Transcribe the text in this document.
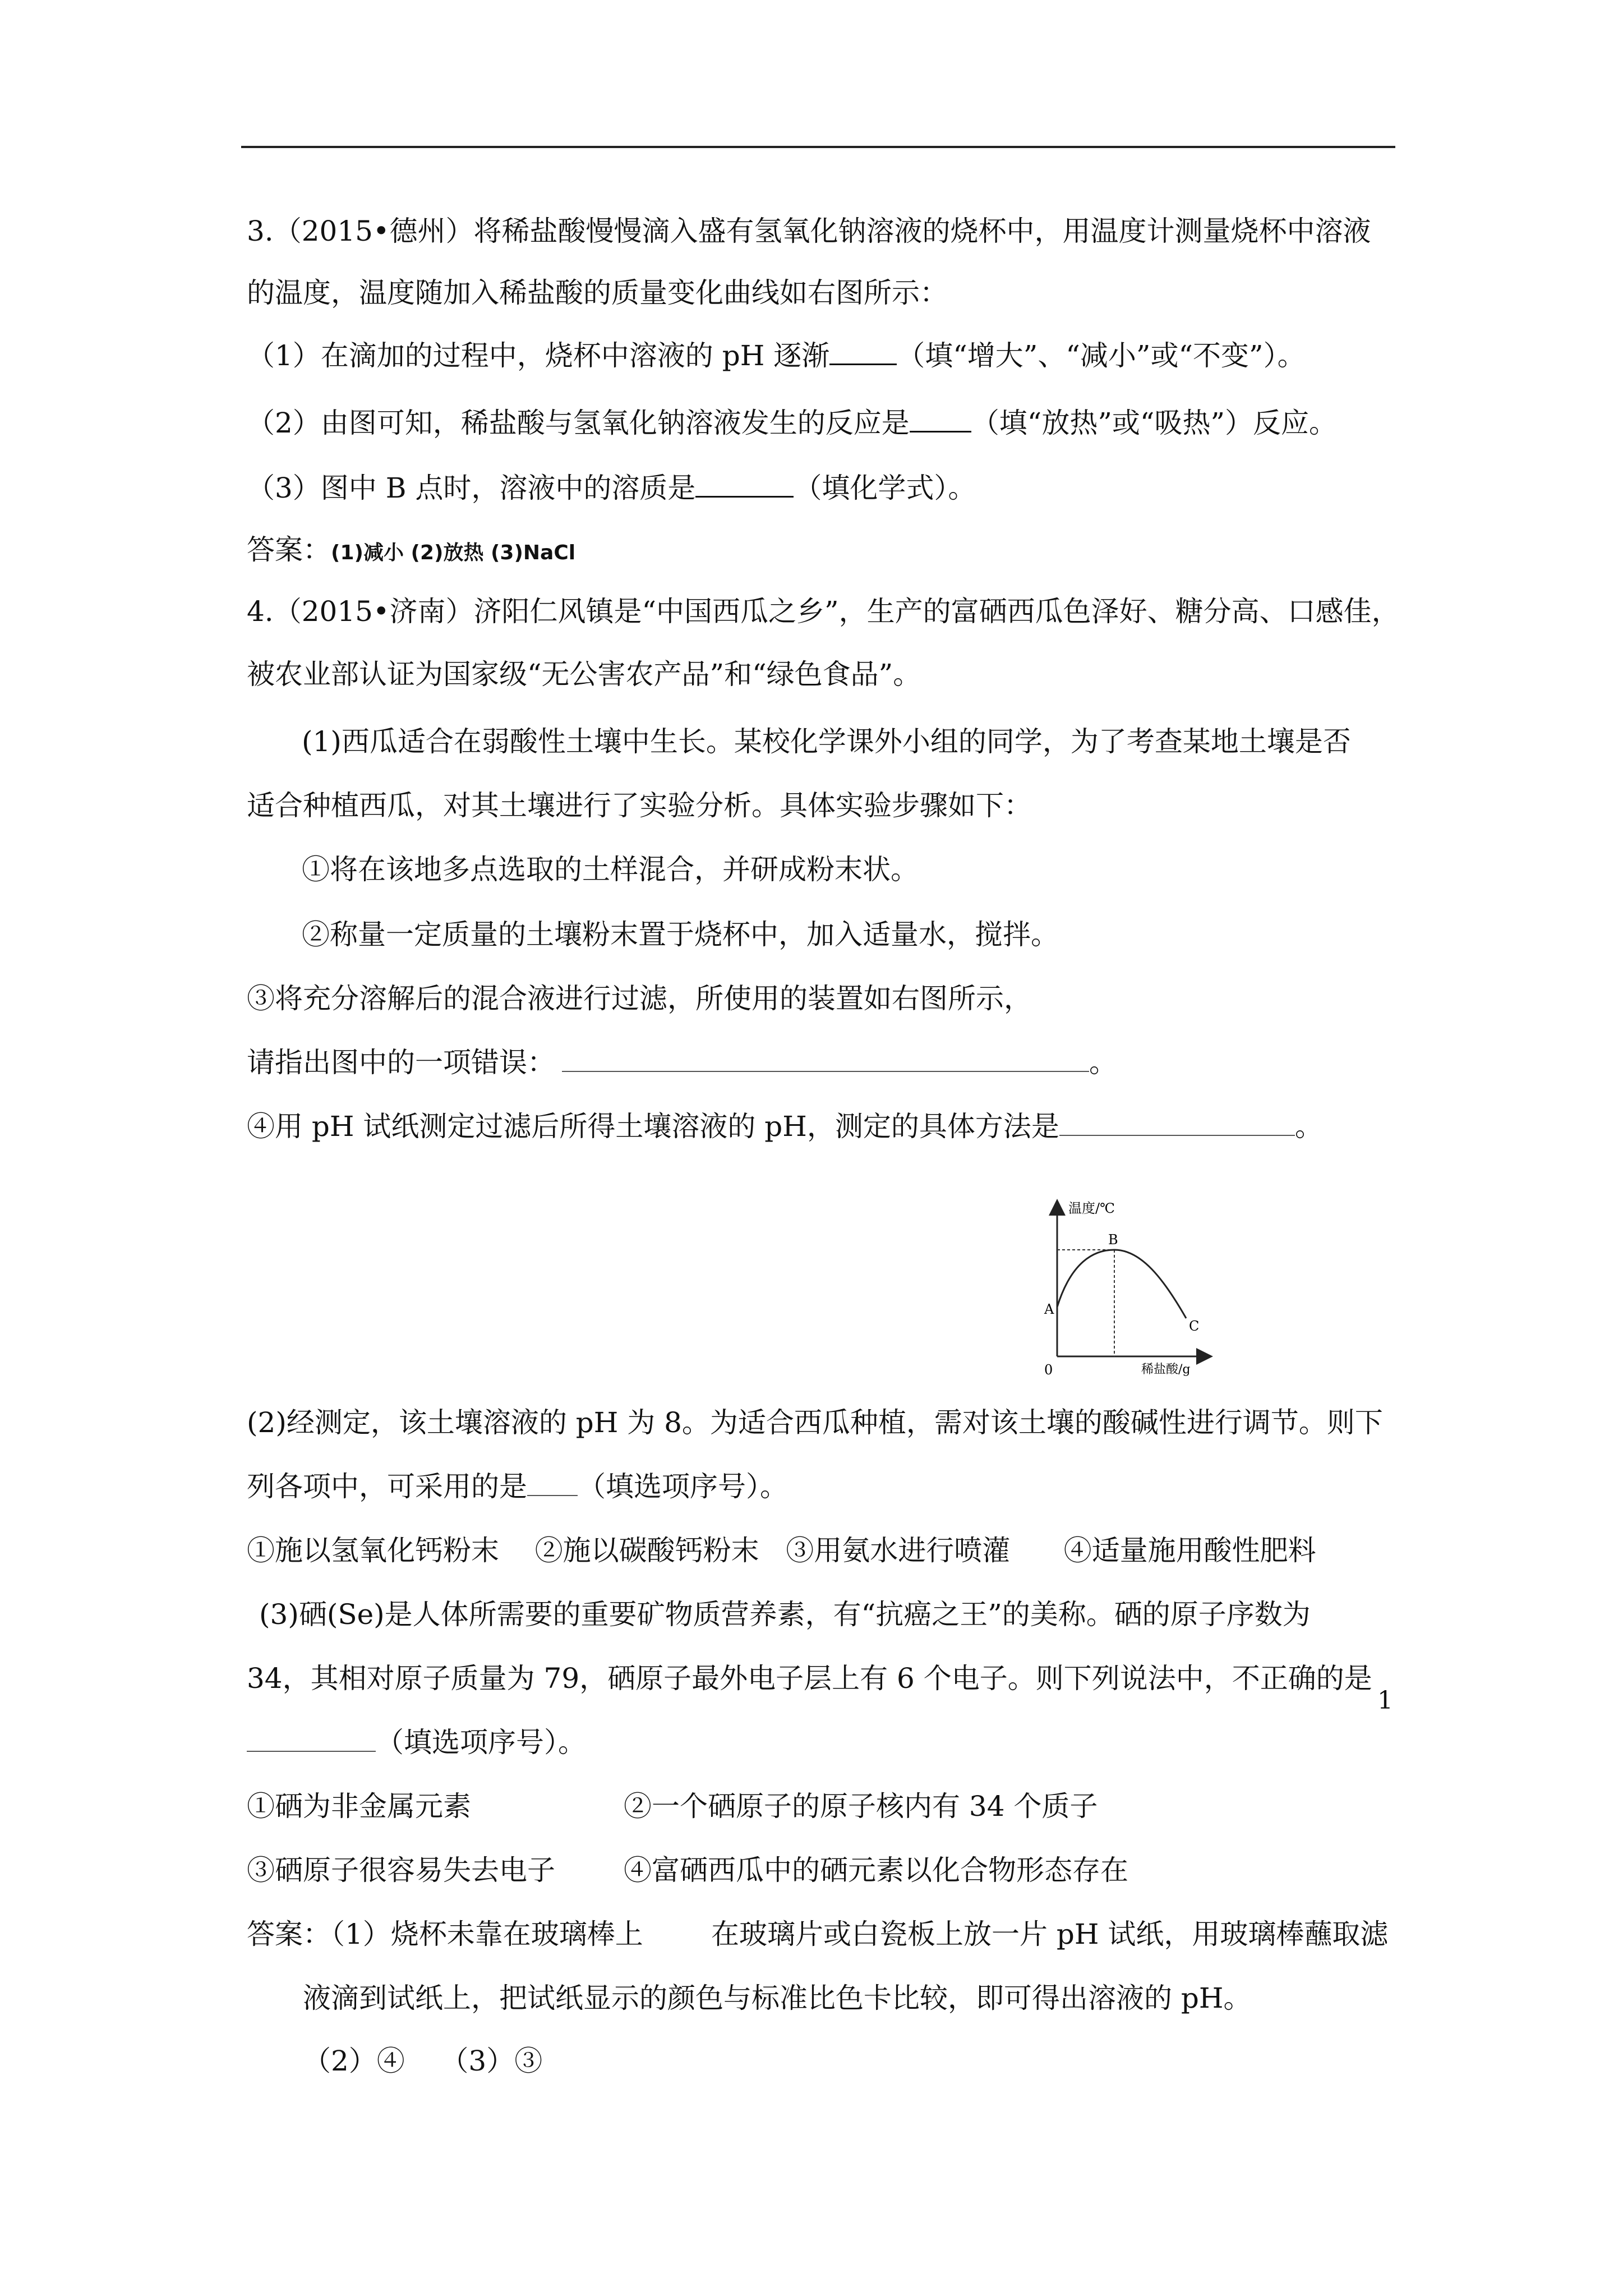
3.（2015•德州）将稀盐酸慢慢滴入盛有氢氧化钠溶液的烧杯中，用温度计测量烧杯中溶液
的温度，温度随加入稀盐酸的质量变化曲线如右图所示：
（1）在滴加的过程中，烧杯中溶液的 pH 逐渐 （填“增大”、“减小”或“不变”）。
（2）由图可知，稀盐酸与氢氧化钠溶液发生的反应是 （填“放热”或“吸热”）反应。
（3）图中 B 点时，溶液中的溶质是	（填化学式）。
答案：(1)减小 (2)放热 (3)NaCl
4.（2015•济南）济阳仁风镇是“中国西瓜之乡”，生产的富硒西瓜色泽好、糖分高、口感佳，
被农业部认证为国家级“无公害农产品”和“绿色食品”。
(1)西瓜适合在弱酸性土壤中生长。某校化学课外小组的同学，为了考查某地土壤是否
适合种植西瓜，对其土壤进行了实验分析。具体实验步骤如下：
①将在该地多点选取的土样混合，并研成粉末状。
②称量一定质量的土壤粉末置于烧杯中，加入适量水，搅拌。
③将充分溶解后的混合液进行过滤，所使用的装置如右图所示，
请指出图中的一项错误：	。
④用 pH 试纸测定过滤后所得土壤溶液的 pH，测定的具体方法是	。
温度/℃
稀盐酸/g
0
A
B
C
(2)经测定，该土壤溶液的 pH 为 8。为适合西瓜种植，需对该土壤的酸碱性进行调节。则下
列各项中，可采用的是 （填选项序号）。
①施以氢氧化钙粉末    ②施以碳酸钙粉末   ③用氨水进行喷灌      ④适量施用酸性肥料
(3)硒(Se)是人体所需要的重要矿物质营养素，有“抗癌之王”的美称。硒的原子序数为
34，其相对原子质量为 79，硒原子最外电子层上有 6 个电子。则下列说法中，不正确的是
（填选项序号）。
①硒为非金属元素	②一个硒原子的原子核内有 34 个质子
③硒原子很容易失去电子 ④富硒西瓜中的硒元素以化合物形态存在
答案：（1）烧杯未靠在玻璃棒上 在玻璃片或白瓷板上放一片 pH 试纸，用玻璃棒蘸取滤
液滴到试纸上，把试纸显示的颜色与标准比色卡比较，即可得出溶液的 pH。
（2）④    （3）③
1
